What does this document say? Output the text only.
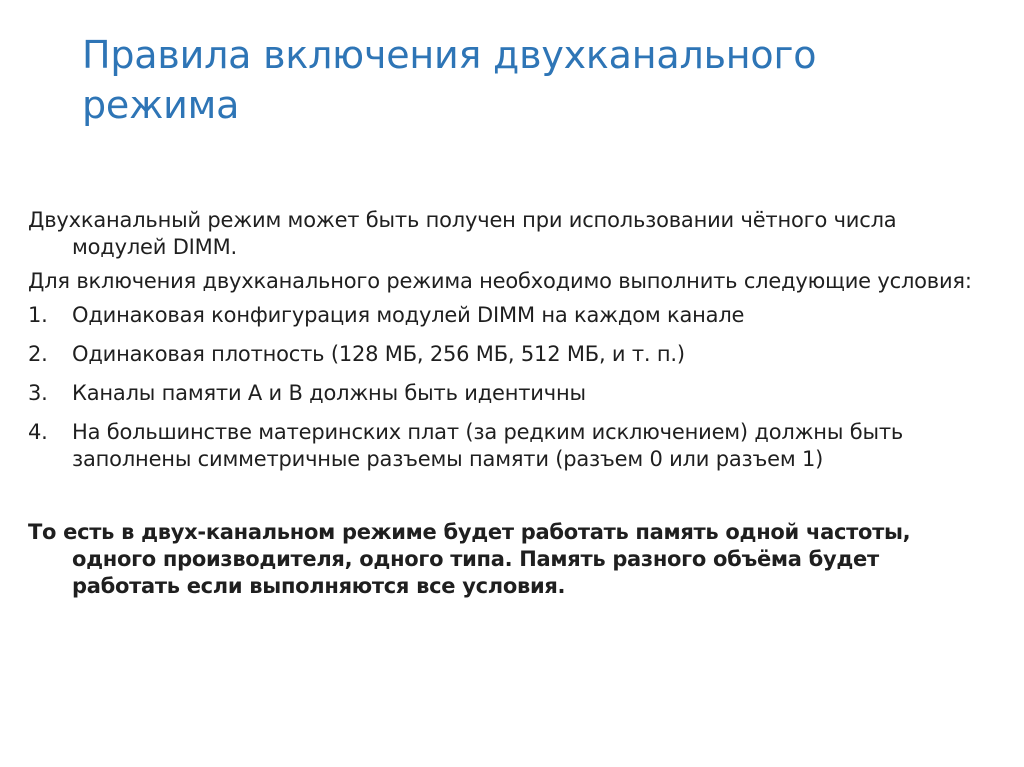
Правила включения двухканального режима

Двухканальный режим может быть получен при использовании чётного числа модулей DIMM.

Для включения двухканального режима необходимо выполнить следующие условия:

1.	Одинаковая конфигурация модулей DIMM на каждом канале
2.	Одинаковая плотность (128 МБ, 256 МБ, 512 МБ, и т. п.)
3.	Каналы памяти A и B должны быть идентичны
4.	На большинстве материнских плат (за редким исключением) должны быть заполнены симметричные разъемы памяти (разъем 0 или разъем 1)

То есть в двух-канальном режиме будет работать память одной частоты, одного производителя, одного типа. Память разного объёма будет работать если выполняются все условия.
